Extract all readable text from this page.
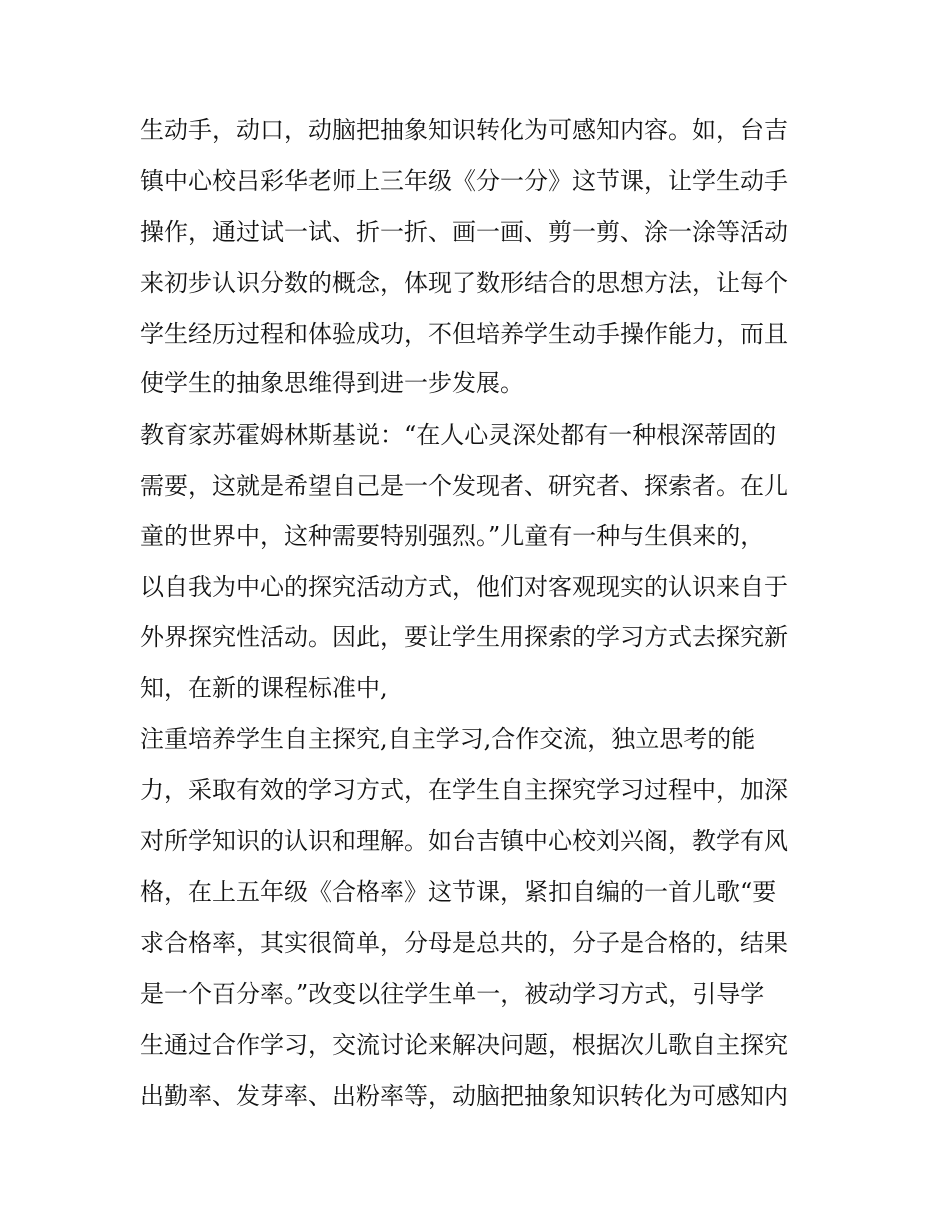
生动手，动口，动脑把抽象知识转化为可感知内容。如，台吉

镇中心校吕彩华老师上三年级《分一分》这节课，让学生动手

操作，通过试一试、折一折、画一画、剪一剪、涂一涂等活动

来初步认识分数的概念，体现了数形结合的思想方法，让每个

学生经历过程和体验成功，不但培养学生动手操作能力，而且

使学生的抽象思维得到进一步发展。

教育家苏霍姆林斯基说：“在人心灵深处都有一种根深蒂固的

需要，这就是希望自己是一个发现者、研究者、探索者。在儿

童的世界中，这种需要特别强烈。”儿童有一种与生俱来的，

以自我为中心的探究活动方式，他们对客观现实的认识来自于

外界探究性活动。因此，要让学生用探索的学习方式去探究新

知，在新的课程标准中,

注重培养学生自主探究,自主学习,合作交流，独立思考的能

力，采取有效的学习方式，在学生自主探究学习过程中，加深

对所学知识的认识和理解。如台吉镇中心校刘兴阁，教学有风

格，在上五年级《合格率》这节课，紧扣自编的一首儿歌“要

求合格率，其实很简单，分母是总共的，分子是合格的，结果

是一个百分率。”改变以往学生单一，被动学习方式，引导学

生通过合作学习，交流讨论来解决问题，根据次儿歌自主探究

出勤率、发芽率、出粉率等，动脑把抽象知识转化为可感知内
